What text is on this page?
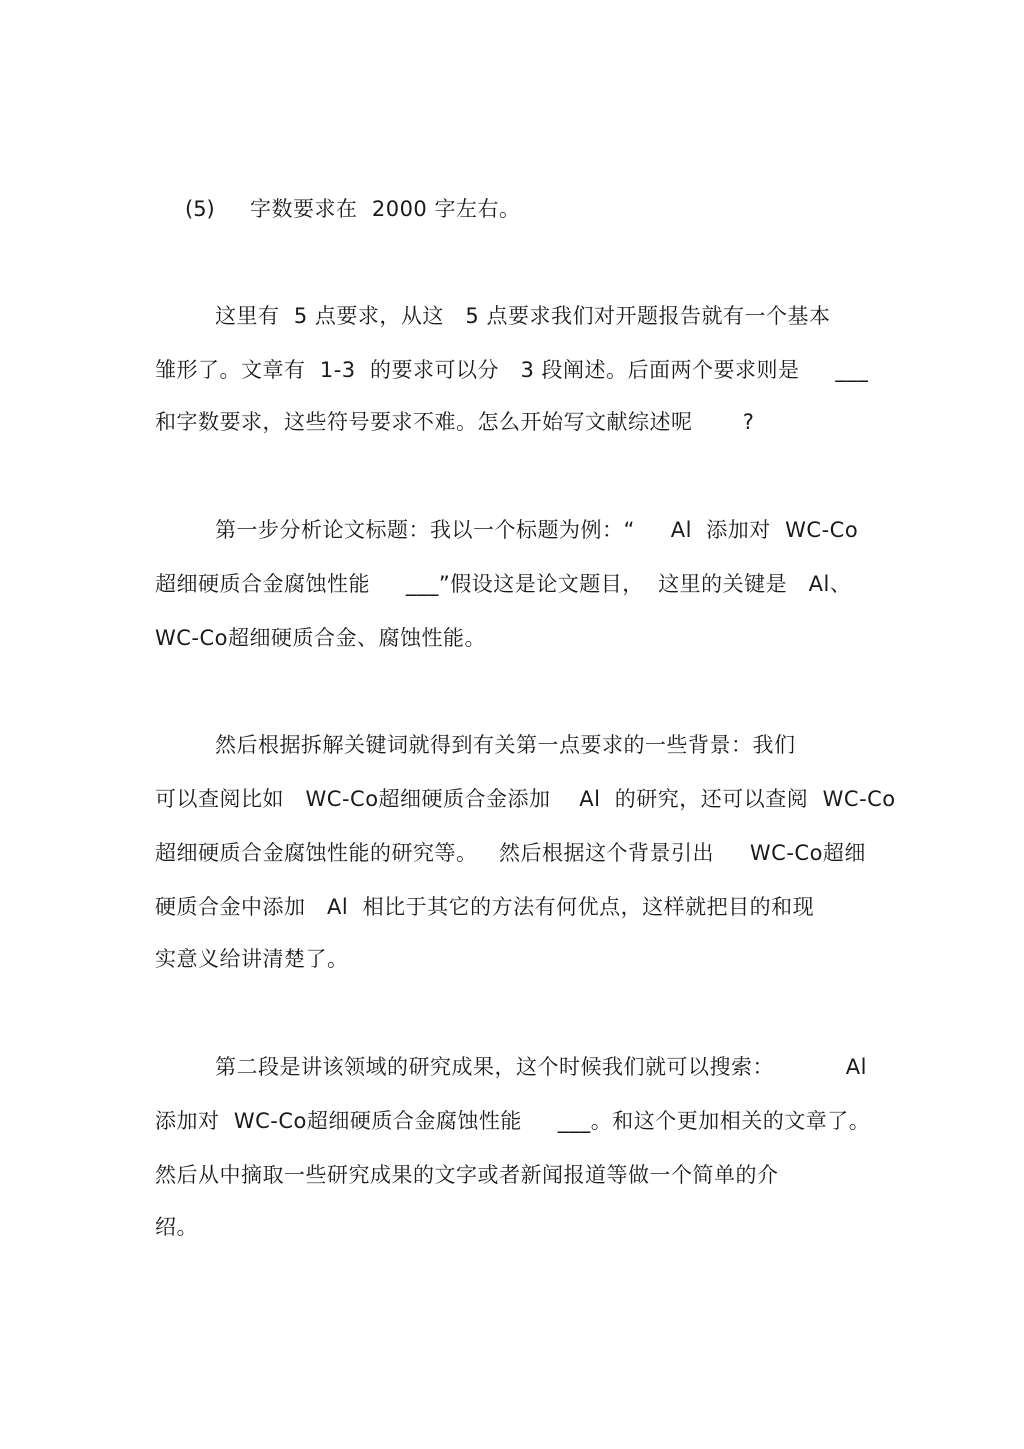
(5) 字数要求在  2000 字左右。
这里有  5 点要求，从这   5 点要求我们对开题报告就有一个基本
雏形了。文章有  1-3  的要求可以分   3 段阐述。后面两个要求则是     ___
和字数要求，这些符号要求不难。怎么开始写文献综述呢       ?
第一步分析论文标题：我以一个标题为例：“     Al  添加对  WC-Co
超细硬质合金腐蚀性能     ___”假设这是论文题目，  这里的关键是   Al、
WC-Co超细硬质合金、腐蚀性能。
然后根据拆解关键词就得到有关第一点要求的一些背景：我们
可以查阅比如   WC-Co超细硬质合金添加    Al  的研究，还可以查阅  WC-Co
超细硬质合金腐蚀性能的研究等。   然后根据这个背景引出     WC-Co超细
硬质合金中添加   Al  相比于其它的方法有何优点，这样就把目的和现
实意义给讲清楚了。
第二段是讲该领域的研究成果，这个时候我们就可以搜索：          Al
添加对  WC-Co超细硬质合金腐蚀性能     ___。和这个更加相关的文章了。
然后从中摘取一些研究成果的文字或者新闻报道等做一个简单的介
绍。
